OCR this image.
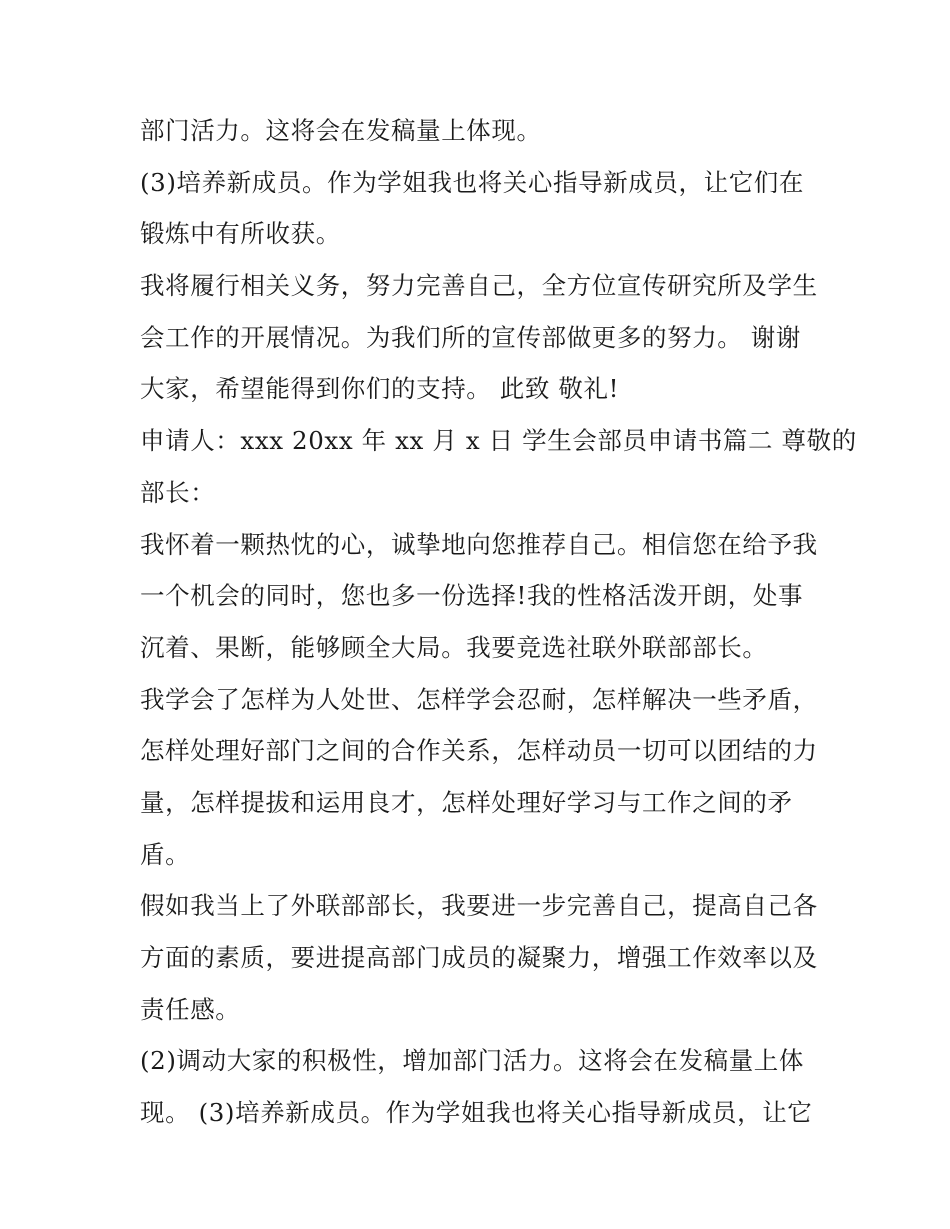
部门活力。这将会在发稿量上体现。
(3)培养新成员。作为学姐我也将关心指导新成员，让它们在
锻炼中有所收获。
我将履行相关义务，努力完善自己，全方位宣传研究所及学生
会工作的开展情况。为我们所的宣传部做更多的努力。 谢谢
大家，希望能得到你们的支持。 此致 敬礼!
申请人：xxx 20xx 年 xx 月 x 日 学生会部员申请书篇二 尊敬的
部长：
我怀着一颗热忱的心，诚挚地向您推荐自己。相信您在给予我
一个机会的同时，您也多一份选择!我的性格活泼开朗，处事
沉着、果断，能够顾全大局。我要竞选社联外联部部长。
我学会了怎样为人处世、怎样学会忍耐，怎样解决一些矛盾，
怎样处理好部门之间的合作关系，怎样动员一切可以团结的力
量，怎样提拔和运用良才，怎样处理好学习与工作之间的矛
盾。
假如我当上了外联部部长，我要进一步完善自己，提高自己各
方面的素质，要进提高部门成员的凝聚力，增强工作效率以及
责任感。
(2)调动大家的积极性，增加部门活力。这将会在发稿量上体
现。 (3)培养新成员。作为学姐我也将关心指导新成员，让它
